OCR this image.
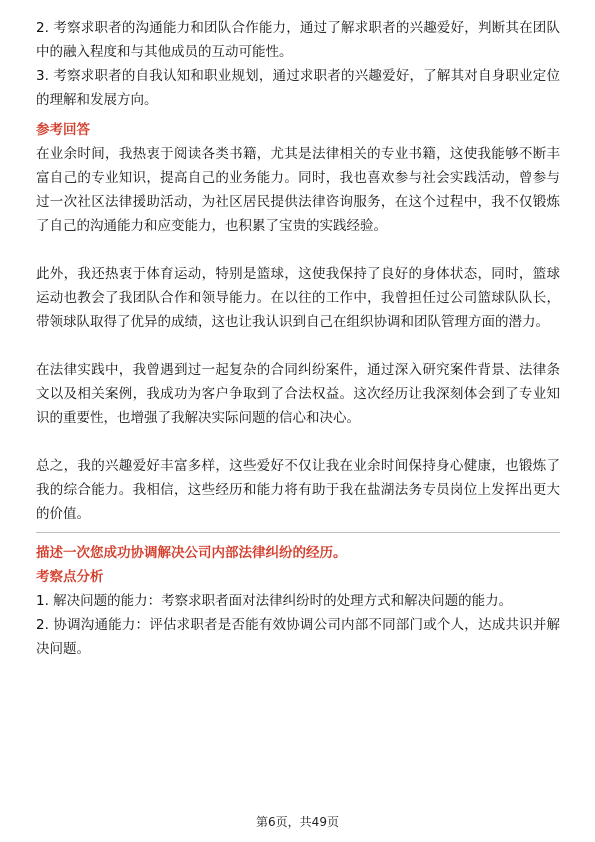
2. 考察求职者的沟通能力和团队合作能力，通过了解求职者的兴趣爱好，判断其在团队中的融入程度和与其他成员的互动可能性。

3. 考察求职者的自我认知和职业规划，通过求职者的兴趣爱好，了解其对自身职业定位的理解和发展方向。

参考回答

在业余时间，我热衷于阅读各类书籍，尤其是法律相关的专业书籍，这使我能够不断丰富自己的专业知识，提高自己的业务能力。同时，我也喜欢参与社会实践活动，曾参与过一次社区法律援助活动，为社区居民提供法律咨询服务，在这个过程中，我不仅锻炼了自己的沟通能力和应变能力，也积累了宝贵的实践经验。

此外，我还热衷于体育运动，特别是篮球，这使我保持了良好的身体状态，同时，篮球运动也教会了我团队合作和领导能力。在以往的工作中，我曾担任过公司篮球队队长，带领球队取得了优异的成绩，这也让我认识到自己在组织协调和团队管理方面的潜力。

在法律实践中，我曾遇到过一起复杂的合同纠纷案件，通过深入研究案件背景、法律条文以及相关案例，我成功为客户争取到了合法权益。这次经历让我深刻体会到了专业知识的重要性，也增强了我解决实际问题的信心和决心。

总之，我的兴趣爱好丰富多样，这些爱好不仅让我在业余时间保持身心健康，也锻炼了我的综合能力。我相信，这些经历和能力将有助于我在盐湖法务专员岗位上发挥出更大的价值。

描述一次您成功协调解决公司内部法律纠纷的经历。

考察点分析

1. 解决问题的能力：考察求职者面对法律纠纷时的处理方式和解决问题的能力。

2. 协调沟通能力：评估求职者是否能有效协调公司内部不同部门或个人，达成共识并解决问题。

第6页，共49页
